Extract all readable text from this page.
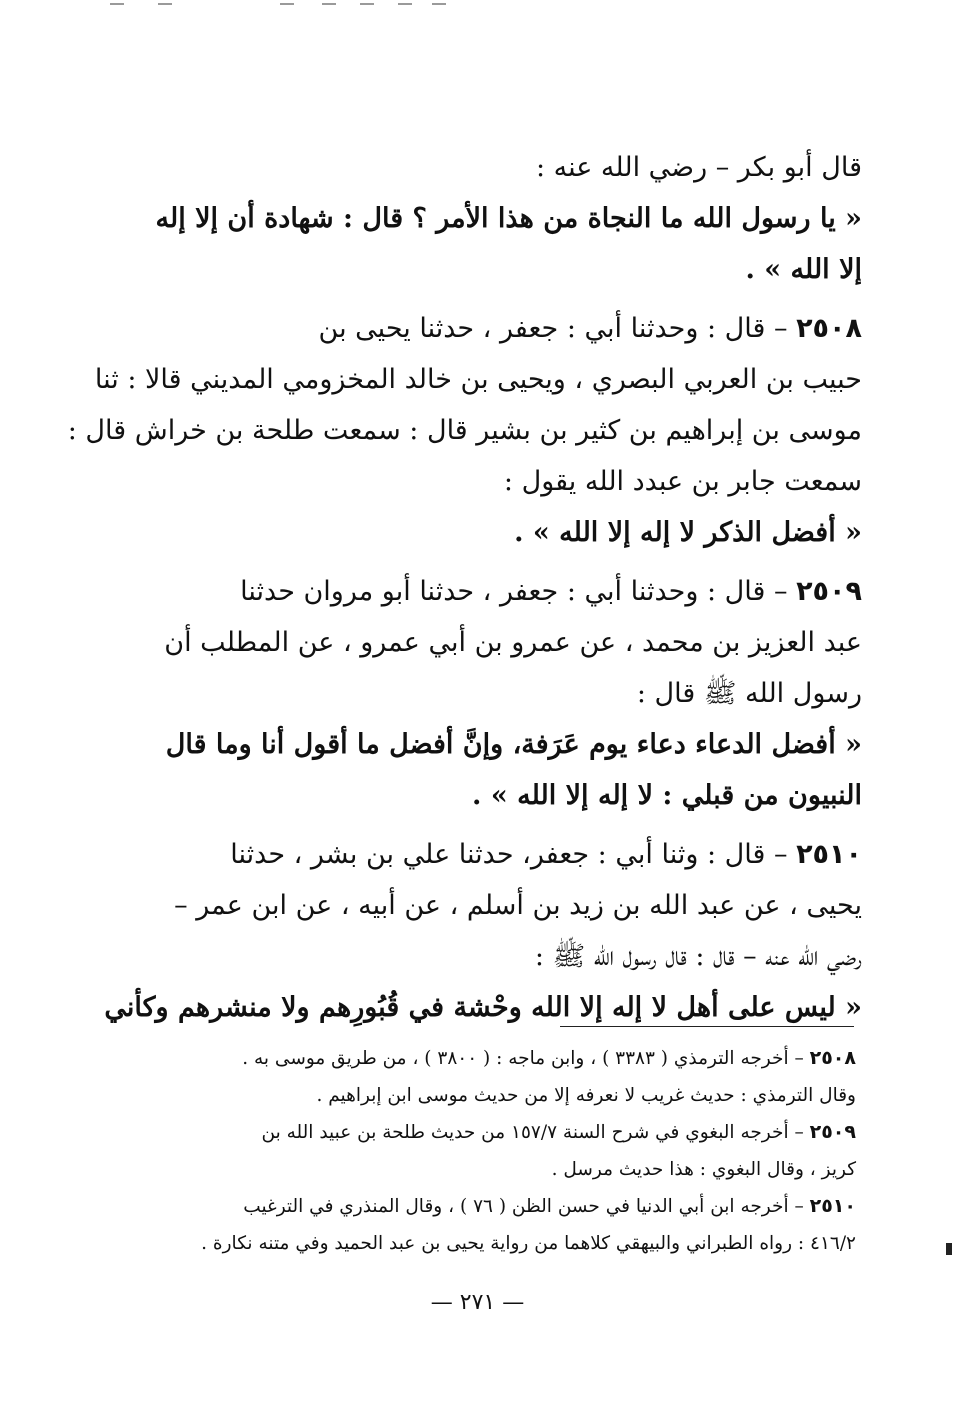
قال أبو بكر – رضي الله عنه :
« يا رسول الله ما النجاة من هذا الأمر ؟ قال : شهادة أن إلا إله
إلا الله » .
٢٥٠٨ – قال : وحدثنا أبي : جعفر ، حدثنا يحيى بن
حبيب بن العربي البصري ، ويحيى بن خالد المخزومي المديني قالا : ثنا
موسى بن إبراهيم بن كثير بن بشير قال : سمعت طلحة بن خراش قال :
سمعت جابر بن عبدد الله يقول :
« أفضل الذكر لا إله إلا الله » .
٢٥٠٩ – قال : وحدثنا أبي : جعفر ، حدثنا أبو مروان حدثنا
عبد العزيز بن محمد ، عن عمرو بن أبي عمرو ، عن المطلب أن
رسول الله ﷺ قال :
« أفضل الدعاء دعاء يوم عَرَفة، وإنَّ أفضل ما أقول أنا وما قال
النبيون من قبلي : لا إله إلا الله » .
٢٥١٠ – قال : وثنا أبي : جعفر، حدثنا علي بن بشر ، حدثنا
يحيى ، عن عبد الله بن زيد بن أسلم ، عن أبيه ، عن ابن عمر –
رضي الله عنه – قال : قال رسول الله ﷺ :
« ليس على أهل لا إله إلا الله وحْشة في قُبُورِهم ولا منشرهم وكأني
٢٥٠٨ – أخرجه الترمذي ( ٣٣٨٣ ) ، وابن ماجه : ( ٣٨٠٠ ) ، من طريق موسى به .
وقال الترمذي : حديث غريب لا نعرفه إلا من حديث موسى ابن إبراهيم .
٢٥٠٩ – أخرجه البغوي في شرح السنة ١٥٧/٧ من حديث طلحة بن عبيد الله بن
كريز ، وقال البغوي : هذا حديث مرسل .
٢٥١٠ – أخرجه ابن أبي الدنيا في حسن الظن ( ٧٦ ) ، وقال المنذري في الترغيب
٤١٦/٢ : رواه الطبراني والبيهقي كلاهما من رواية يحيى بن عبد الحميد وفي متنه نكارة .
— ٢٧١ —
